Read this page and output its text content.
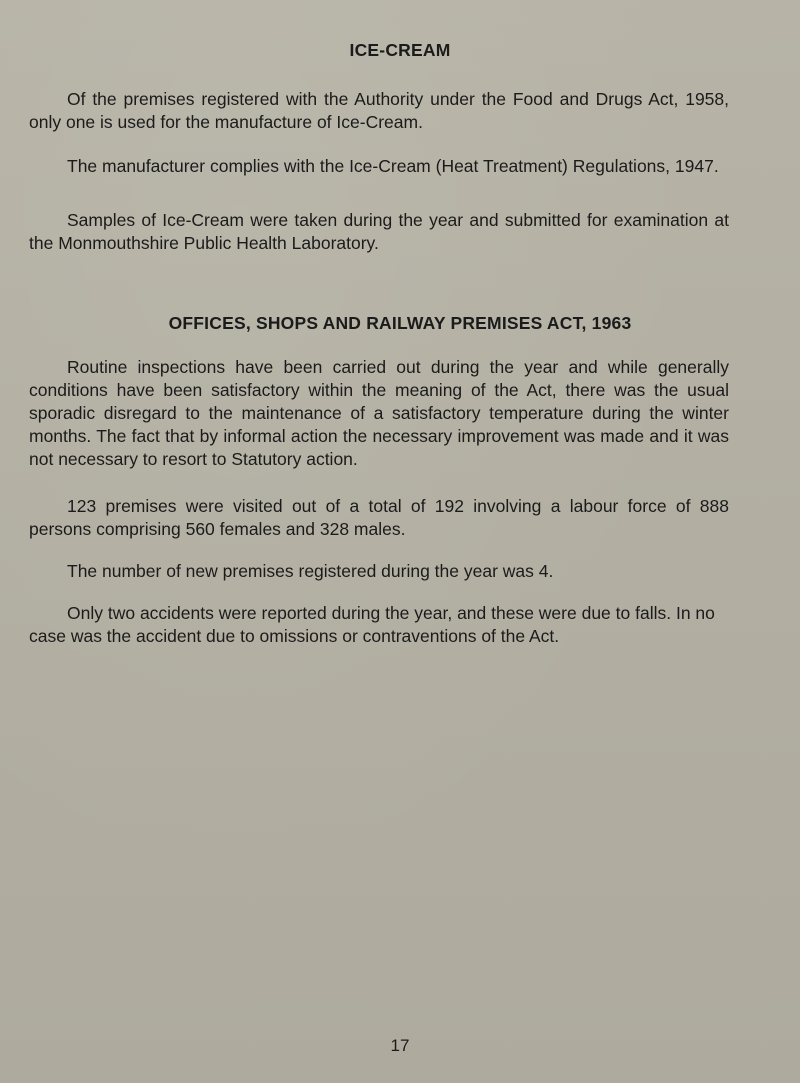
ICE-CREAM

Of the premises registered with the Authority under the Food and Drugs Act, 1958, only one is used for the manufacture of Ice-Cream.

The manufacturer complies with the Ice-Cream (Heat Treatment) Regulations, 1947.

Samples of Ice-Cream were taken during the year and submitted for examination at the Monmouthshire Public Health Laboratory.

OFFICES, SHOPS AND RAILWAY PREMISES ACT, 1963

Routine inspections have been carried out during the year and while generally conditions have been satisfactory within the meaning of the Act, there was the usual sporadic disregard to the maintenance of a satisfactory temperature during the winter months. The fact that by informal action the necessary improvement was made and it was not necessary to resort to Statutory action.

123 premises were visited out of a total of 192 involving a labour force of 888 persons comprising 560 females and 328 males.

The number of new premises registered during the year was 4.

Only two accidents were reported during the year, and these were due to falls. In no case was the accident due to omissions or contraventions of the Act.

17
